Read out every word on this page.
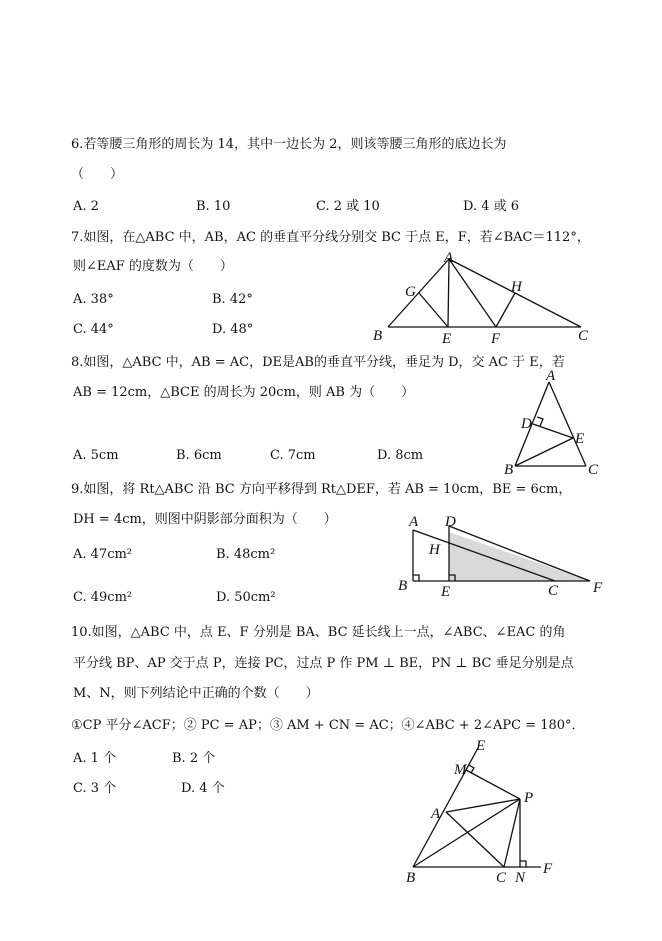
6.若等腰三角形的周长为 14，其中一边长为 2，则该等腰三角形的底边长为
（　　）
A. 2	B. 10	C. 2 或 10	D. 4 或 6
7.如图，在△ABC 中，AB，AC 的垂直平分线分别交 BC 于点 E，F，若∠BAC＝112°，
则∠EAF 的度数为（　　）
A. 38°	B. 42°
C. 44°	D. 48°
A
G	H
B	E	F	C
8.如图，△ABC 中，AB = AC，DE是AB的垂直平分线，垂足为 D，交 AC 于 E，若
AB = 12cm，△BCE 的周长为 20cm，则 AB 为（　　）
A. 5cm	B. 6cm	C. 7cm	D. 8cm
A
D
E
B	C
9.如图，将 Rt△ABC 沿 BC 方向平移得到 Rt△DEF，若 AB = 10cm，BE = 6cm，
DH = 4cm，则图中阴影部分面积为（　　）
A. 47cm²	B. 48cm²
C. 49cm²	D. 50cm²
A D
H
B E	C F
10.如图，△ABC 中，点 E、F 分别是 BA、BC 延长线上一点，∠ABC、∠EAC 的角
平分线 BP、AP 交于点 P，连接 PC，过点 P 作 PM ⊥ BE，PN ⊥ BC 垂足分别是点
M、N，则下列结论中正确的个数（　　）
①CP 平分∠ACF；② PC = AP；③ AM + CN = AC；④∠ABC + 2∠APC = 180°．
A. 1 个	B. 2 个
C. 3 个	D. 4 个
E
M
P
A
B	C N
F
